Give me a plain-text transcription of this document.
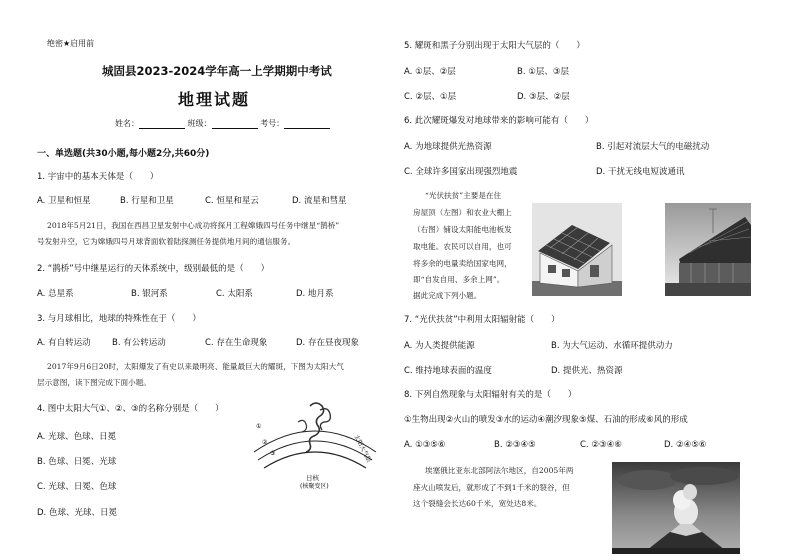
绝密★启用前
城固县2023-2024学年高一上学期期中考试
地理试题
姓名：	班级：	考号：
一、单选题(共30小题,每小题2分,共60分)
1. 宇宙中的基本天体是（　　）
A. 卫星和恒星	B. 行星和卫星	C. 恒星和星云	D. 流星和彗星
2018年5月21日，我国在西昌卫星发射中心成功将探月工程嫦娥四号任务中继星“鹊桥”
号发射升空，它为嫦娥四号月球背面软着陆探测任务提供地月间的通信服务。
2. “鹊桥”号中继星运行的天体系统中，级别最低的是（　　）
A. 总星系	B. 银河系	C. 太阳系	D. 地月系
3. 与月球相比，地球的特殊性在于（　　）
A. 有自转运动	B. 有公转运动	C. 存在生命现象	D. 存在昼夜现象
2017年9月6日20时，太阳爆发了有史以来最明亮、能量最巨大的耀斑，下图为太阳大气
层示意图，读下图完成下面小题。
4. 图中太阳大气①、②、③的名称分别是（　　）
A. 光球、色球、日冕
B. 色球、日冕、光球
C. 光球、日冕、色球
D. 色球、光球、日冕
①
②
③	太阳大气层
日核
(核聚变区)
5. 耀斑和黑子分别出现于太阳大气层的（　　）
A. ①层、②层	B. ①层、③层
C. ②层、①层	D. ③层、②层
6. 此次耀斑爆发对地球带来的影响可能有（　　）
A. 为地球提供光热资源	B. 引起对流层大气的电磁扰动
C. 全球许多国家出现强烈地震	D. 干扰无线电短波通讯
“光伏扶贫”主要是在住
房屋顶（左图）和农业大棚上
（右图）铺设太阳能电池板发
取电能。农民可以自用，也可
将多余的电量卖给国家电网，
即“自发自用、多余上网”。
据此完成下列小题。
7. “光伏扶贫”中利用太阳辐射能（　　）
A. 为人类提供能源	B. 为大气运动、水循环提供动力
C. 维持地球表面的温度	D. 提供光、热资源
8. 下列自然现象与太阳辐射有关的是（　　）
①生物出现②火山的喷发③水的运动④潮汐现象⑤煤、石油的形成⑥风的形成
A. ①③⑤⑥	B. ②③④⑤	C. ②③④⑥	D. ②④⑤⑥
埃塞俄比亚东北部阿法尔地区，自2005年两
座火山喷发后，就形成了不到1千米的裂谷，但
这个裂缝会长达60千米，宽处达8米。
